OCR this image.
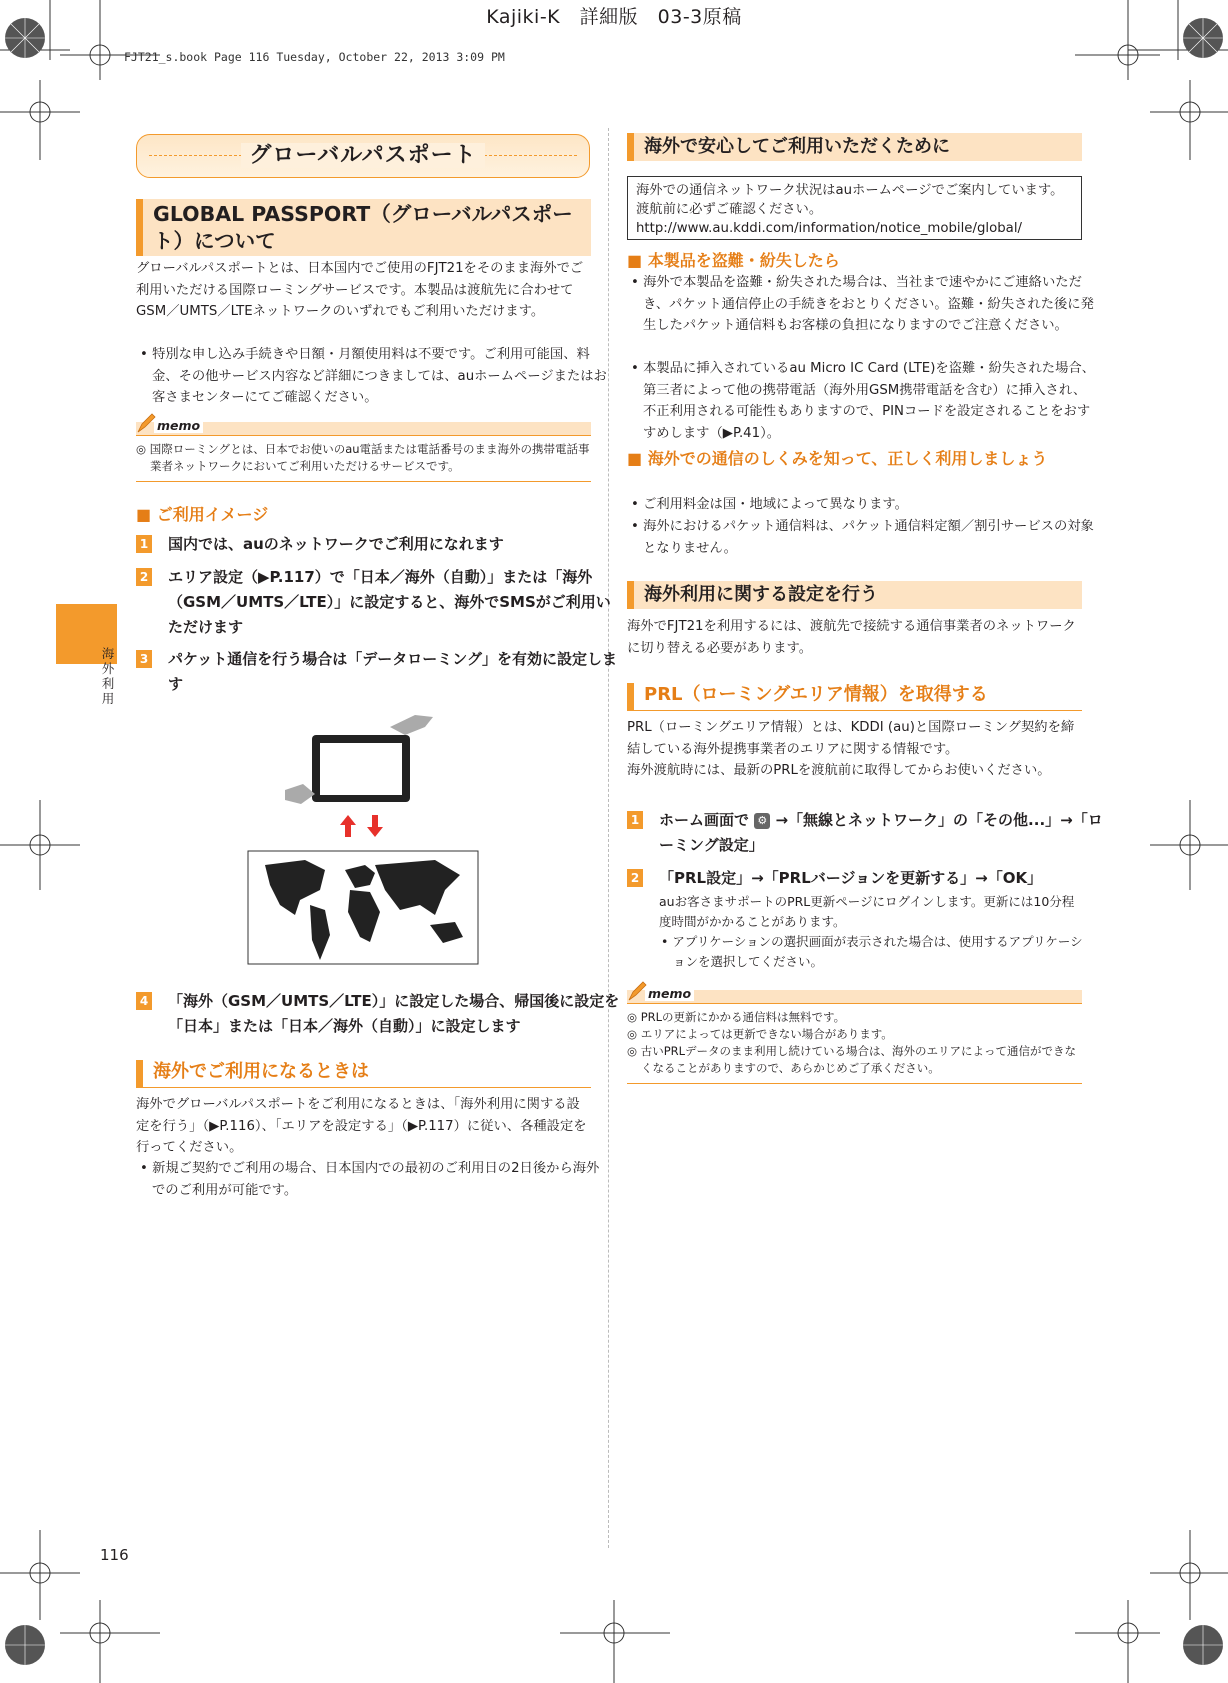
Kajiki-K　詳細版　03-3原稿
FJT21_s.book Page 116 Tuesday, October 22, 2013 3:09 PM
海外利用
グローバルパスポート
GLOBAL PASSPORT（グローバルパスポート）について
グローバルパスポートとは、日本国内でご使用のFJT21をそのまま海外でご利用いただける国際ローミングサービスです。本製品は渡航先に合わせてGSM／UMTS／LTEネットワークのいずれでもご利用いただけます。
• 特別な申し込み手続きや日額・月額使用料は不要です。ご利用可能国、料金、その他サービス内容など詳細につきましては、auホームページまたはお客さまセンターにてご確認ください。
memo
◎ 国際ローミングとは、日本でお使いのau電話または電話番号のまま海外の携帯電話事業者ネットワークにおいてご利用いただけるサービスです。
■ ご利用イメージ
1 国内では、auのネットワークでご利用になれます
2 エリア設定（▶P.117）で「日本／海外（自動）」または「海外（GSM／UMTS／LTE）」に設定すると、海外でSMSがご利用いただけます
3 パケット通信を行う場合は「データローミング」を有効に設定します
4 「海外（GSM／UMTS／LTE）」に設定した場合、帰国後に設定を「日本」または「日本／海外（自動）」に設定します
海外でご利用になるときは
海外でグローバルパスポートをご利用になるときは、「海外利用に関する設定を行う」（▶P.116）、「エリアを設定する」（▶P.117）に従い、各種設定を行ってください。
• 新規ご契約でご利用の場合、日本国内での最初のご利用日の2日後から海外でのご利用が可能です。
海外で安心してご利用いただくために
海外での通信ネットワーク状況はauホームページでご案内しています。渡航前に必ずご確認ください。
http://www.au.kddi.com/information/notice_mobile/global/
■ 本製品を盗難・紛失したら
• 海外で本製品を盗難・紛失された場合は、当社まで速やかにご連絡いただき、パケット通信停止の手続きをおとりください。盗難・紛失された後に発生したパケット通信料もお客様の負担になりますのでご注意ください。
• 本製品に挿入されているau Micro IC Card (LTE)を盗難・紛失された場合、第三者によって他の携帯電話（海外用GSM携帯電話を含む）に挿入され、不正利用される可能性もありますので、PINコードを設定されることをおすすめします（▶P.41）。
■ 海外での通信のしくみを知って、正しく利用しましょう
• ご利用料金は国・地域によって異なります。
• 海外におけるパケット通信料は、パケット通信料定額／割引サービスの対象となりません。
海外利用に関する設定を行う
海外でFJT21を利用するには、渡航先で接続する通信事業者のネットワークに切り替える必要があります。
PRL（ローミングエリア情報）を取得する
PRL（ローミングエリア情報）とは、KDDI (au)と国際ローミング契約を締結している海外提携事業者のエリアに関する情報です。
海外渡航時には、最新のPRLを渡航前に取得してからお使いください。
1 ホーム画面で ⚙ →「無線とネットワーク」の「その他...」→「ローミング設定」
2 「PRL設定」→「PRLバージョンを更新する」→「OK」
auお客さまサポートのPRL更新ページにログインします。更新には10分程度時間がかかることがあります。
• アプリケーションの選択画面が表示された場合は、使用するアプリケーションを選択してください。
memo
◎ PRLの更新にかかる通信料は無料です。
◎ エリアによっては更新できない場合があります。
◎ 古いPRLデータのまま利用し続けている場合は、海外のエリアによって通信ができなくなることがありますので、あらかじめご了承ください。
116
